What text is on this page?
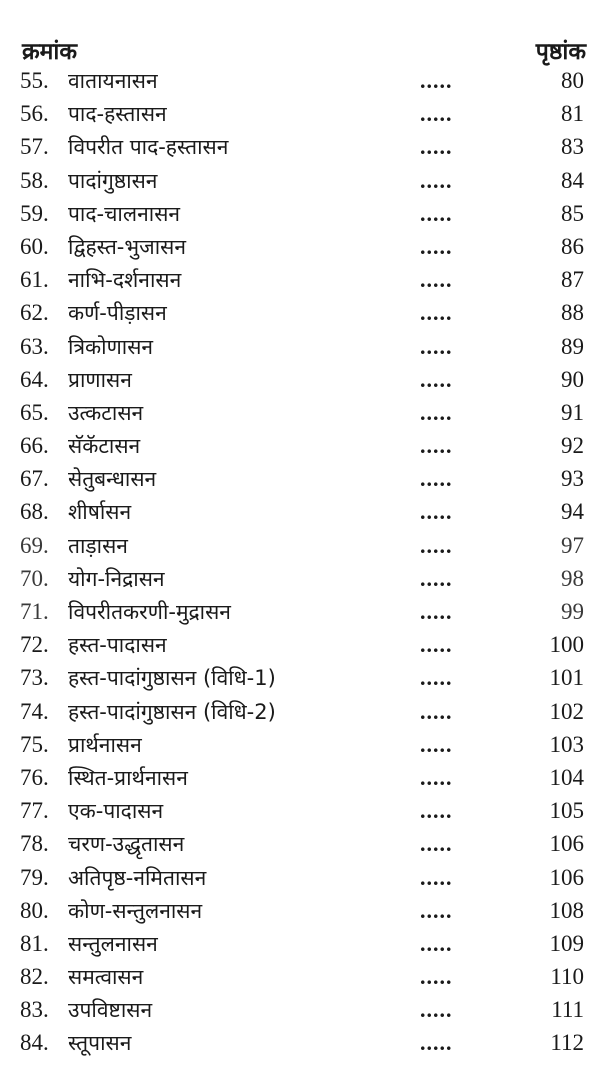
क्रमांक	पृष्ठांक
55. वातायनासन	.....	80
56. पाद-हस्तासन	.....	81
57. विपरीत पाद-हस्तासन	.....	83
58. पादांगुष्ठासन	.....	84
59. पाद-चालनासन	.....	85
60. द्विहस्त-भुजासन	.....	86
61. नाभि-दर्शनासन	.....	87
62. कर्ण-पीड़ासन	.....	88
63. त्रिकोणासन	.....	89
64. प्राणासन	.....	90
65. उत्कटासन	.....	91
66. सॅकॅटासन	.....	92
67. सेतुबन्धासन	.....	93
68. शीर्षासन	.....	94
69. ताड़ासन	.....	97
70. योग-निद्रासन	.....	98
71. विपरीतकरणी-मुद्रासन	.....	99
72. हस्त-पादासन	.....	100
73. हस्त-पादांगुष्ठासन (विधि-1)	.....	101
74. हस्त-पादांगुष्ठासन (विधि-2)	.....	102
75. प्रार्थनासन	.....	103
76. स्थित-प्रार्थनासन	.....	104
77. एक-पादासन	.....	105
78. चरण-उद्धृतासन	.....	106
79. अतिपृष्ठ-नमितासन	.....	106
80. कोण-सन्तुलनासन	.....	108
81. सन्तुलनासन	.....	109
82. समत्वासन	.....	110
83. उपविष्टासन	.....	111
84. स्तूपासन	.....	112
